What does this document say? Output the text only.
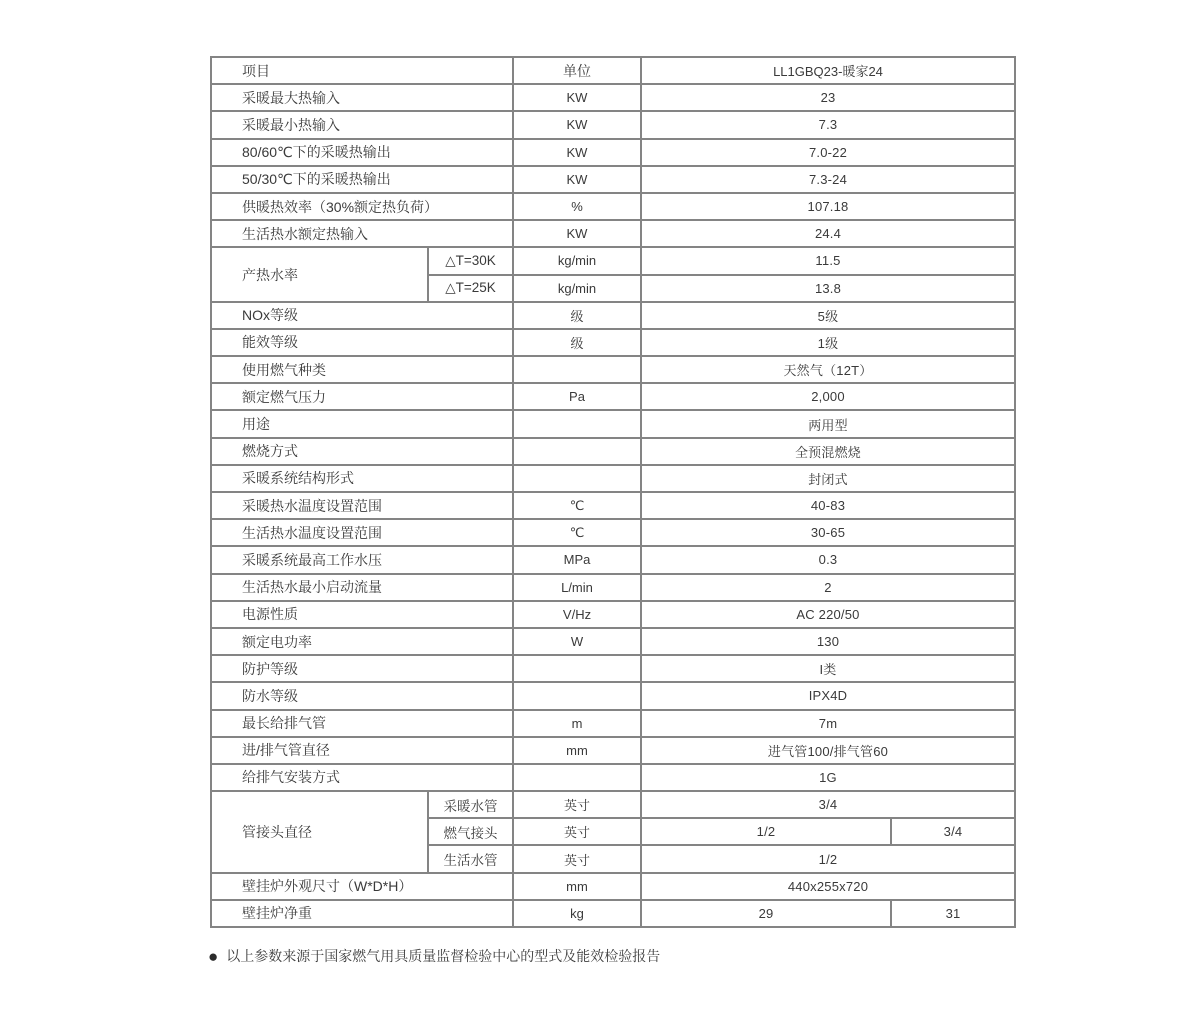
项目		单位	LL1GBQ23-暖家24	
采暖最大热输入		KW	23	
采暖最小热输入		KW	7.3	
80/60℃下的采暖热输出		KW	7.0-22	
50/30℃下的采暖热输出		KW	7.3-24	
供暖热效率（30%额定热负荷）		%	107.18	
生活热水额定热输入		KW	24.4	
产热水率	△T=30K	kg/min	11.5	
	△T=25K	kg/min	13.8	
NOx等级		级	5级	
能效等级		级	1级	
使用燃气种类			天然气（12T）	
额定燃气压力		Pa	2,000	
用途			两用型	
燃烧方式			全预混燃烧	
采暖系统结构形式			封闭式	
采暖热水温度设置范围		℃	40-83	
生活热水温度设置范围		℃	30-65	
采暖系统最高工作水压		MPa	0.3	
生活热水最小启动流量		L/min	2	
电源性质		V/Hz	AC 220/50	
额定电功率		W	130	
防护等级			I类	
防水等级			IPX4D	
最长给排气管		m	7m	
进/排气管直径		mm	进气管100/排气管60	
给排气安装方式			1G	
管接头直径	采暖水管	英寸	3/4	
	燃气接头	英寸	1/2	3/4
	生活水管	英寸	1/2	
壁挂炉外观尺寸（W*D*H）		mm	440x255x720	
壁挂炉净重		kg	29	31
● 以上参数来源于国家燃气用具质量监督检验中心的型式及能效检验报告
